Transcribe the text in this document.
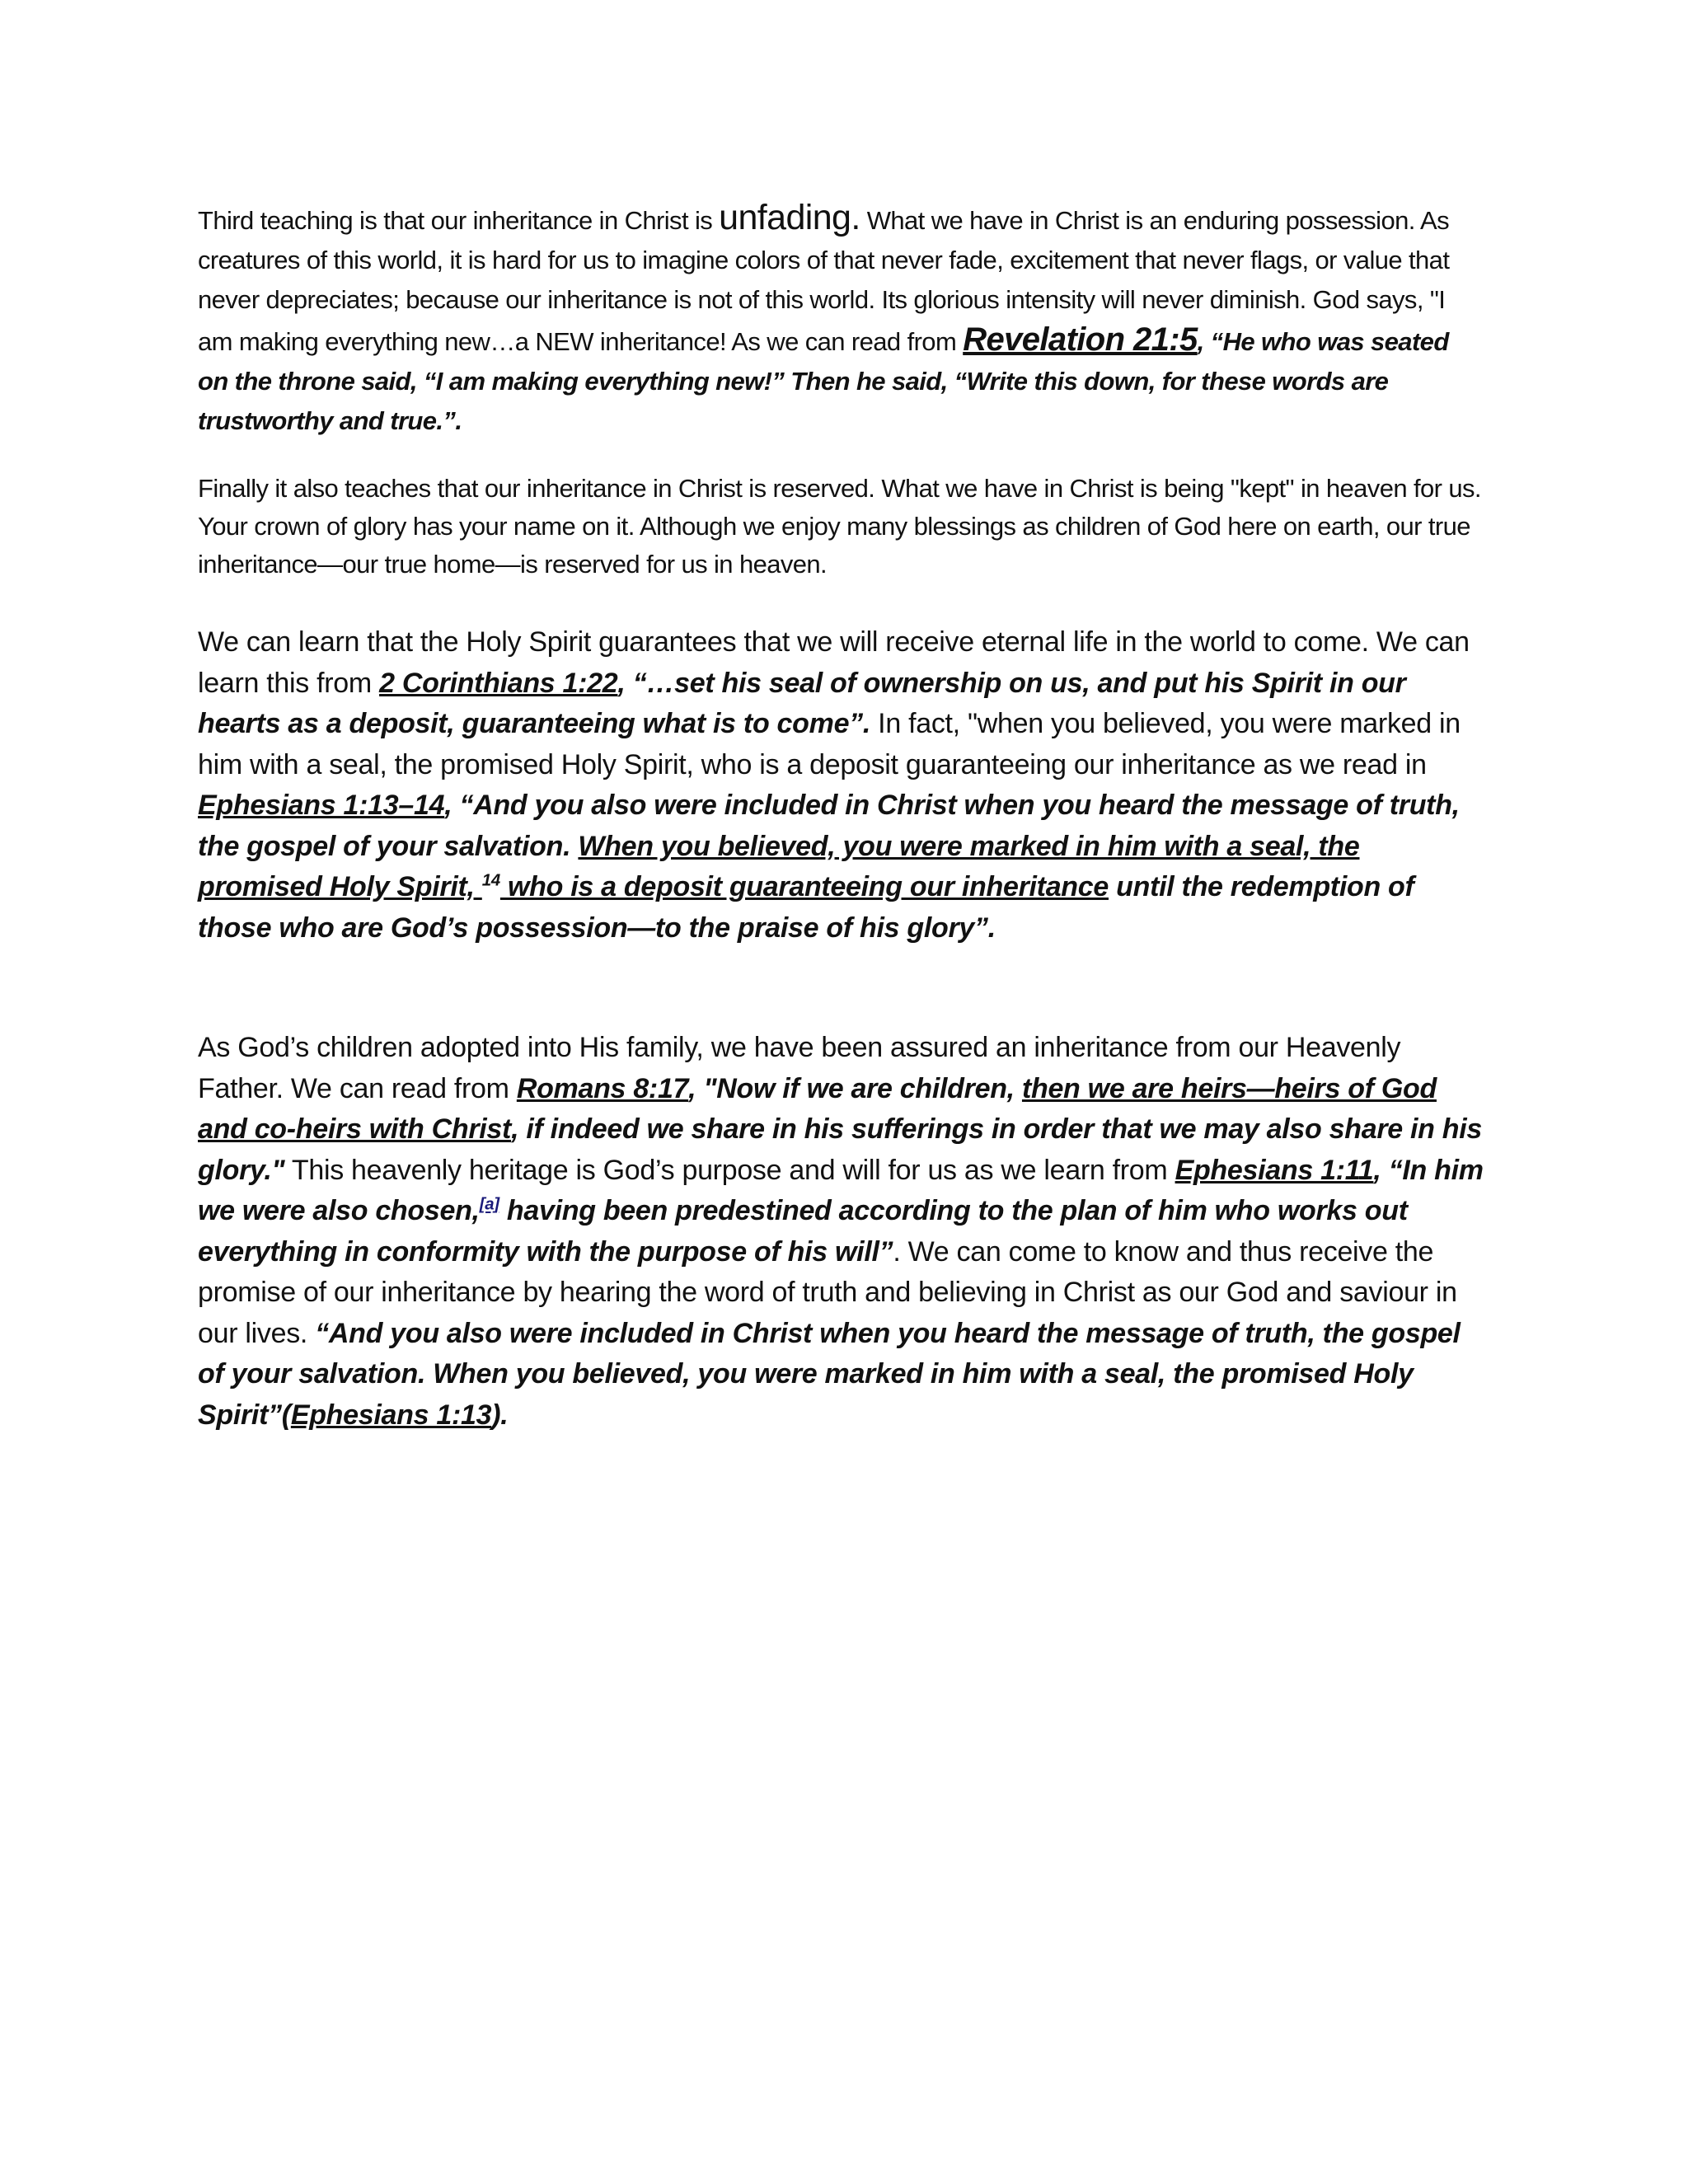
Third teaching is that our inheritance in Christ is unfading. What we have in Christ is an enduring possession. As creatures of this world, it is hard for us to imagine colors of that never fade, excitement that never flags, or value that never depreciates; because our inheritance is not of this world. Its glorious intensity will never diminish. God says, "I am making everything new…a NEW inheritance! As we can read from Revelation 21:5, “He who was seated on the throne said, “I am making everything new!” Then he said, “Write this down, for these words are trustworthy and true.”.

Finally it also teaches that our inheritance in Christ is reserved. What we have in Christ is being "kept" in heaven for us. Your crown of glory has your name on it. Although we enjoy many blessings as children of God here on earth, our true inheritance—our true home—is reserved for us in heaven.

We can learn that the Holy Spirit guarantees that we will receive eternal life in the world to come. We can learn this from 2 Corinthians 1:22, “…set his seal of ownership on us, and put his Spirit in our hearts as a deposit, guaranteeing what is to come”. In fact, "when you believed, you were marked in him with a seal, the promised Holy Spirit, who is a deposit guaranteeing our inheritance as we read in Ephesians 1:13–14, “And you also were included in Christ when you heard the message of truth, the gospel of your salvation. When you believed, you were marked in him with a seal, the promised Holy Spirit, $^{14}$ who is a deposit guaranteeing our inheritance until the redemption of those who are God’s possession—to the praise of his glory”.

As God’s children adopted into His family, we have been assured an inheritance from our Heavenly Father. We can read from Romans 8:17, "Now if we are children, then we are heirs—heirs of God and co-heirs with Christ, if indeed we share in his sufferings in order that we may also share in his glory." This heavenly heritage is God’s purpose and will for us as we learn from Ephesians 1:11, “In him we were also chosen,[a] having been predestined according to the plan of him who works out everything in conformity with the purpose of his will”. We can come to know and thus receive the promise of our inheritance by hearing the word of truth and believing in Christ as our God and saviour in our lives. “And you also were included in Christ when you heard the message of truth, the gospel of your salvation. When you believed, you were marked in him with a seal, the promised Holy Spirit”(Ephesians 1:13).
